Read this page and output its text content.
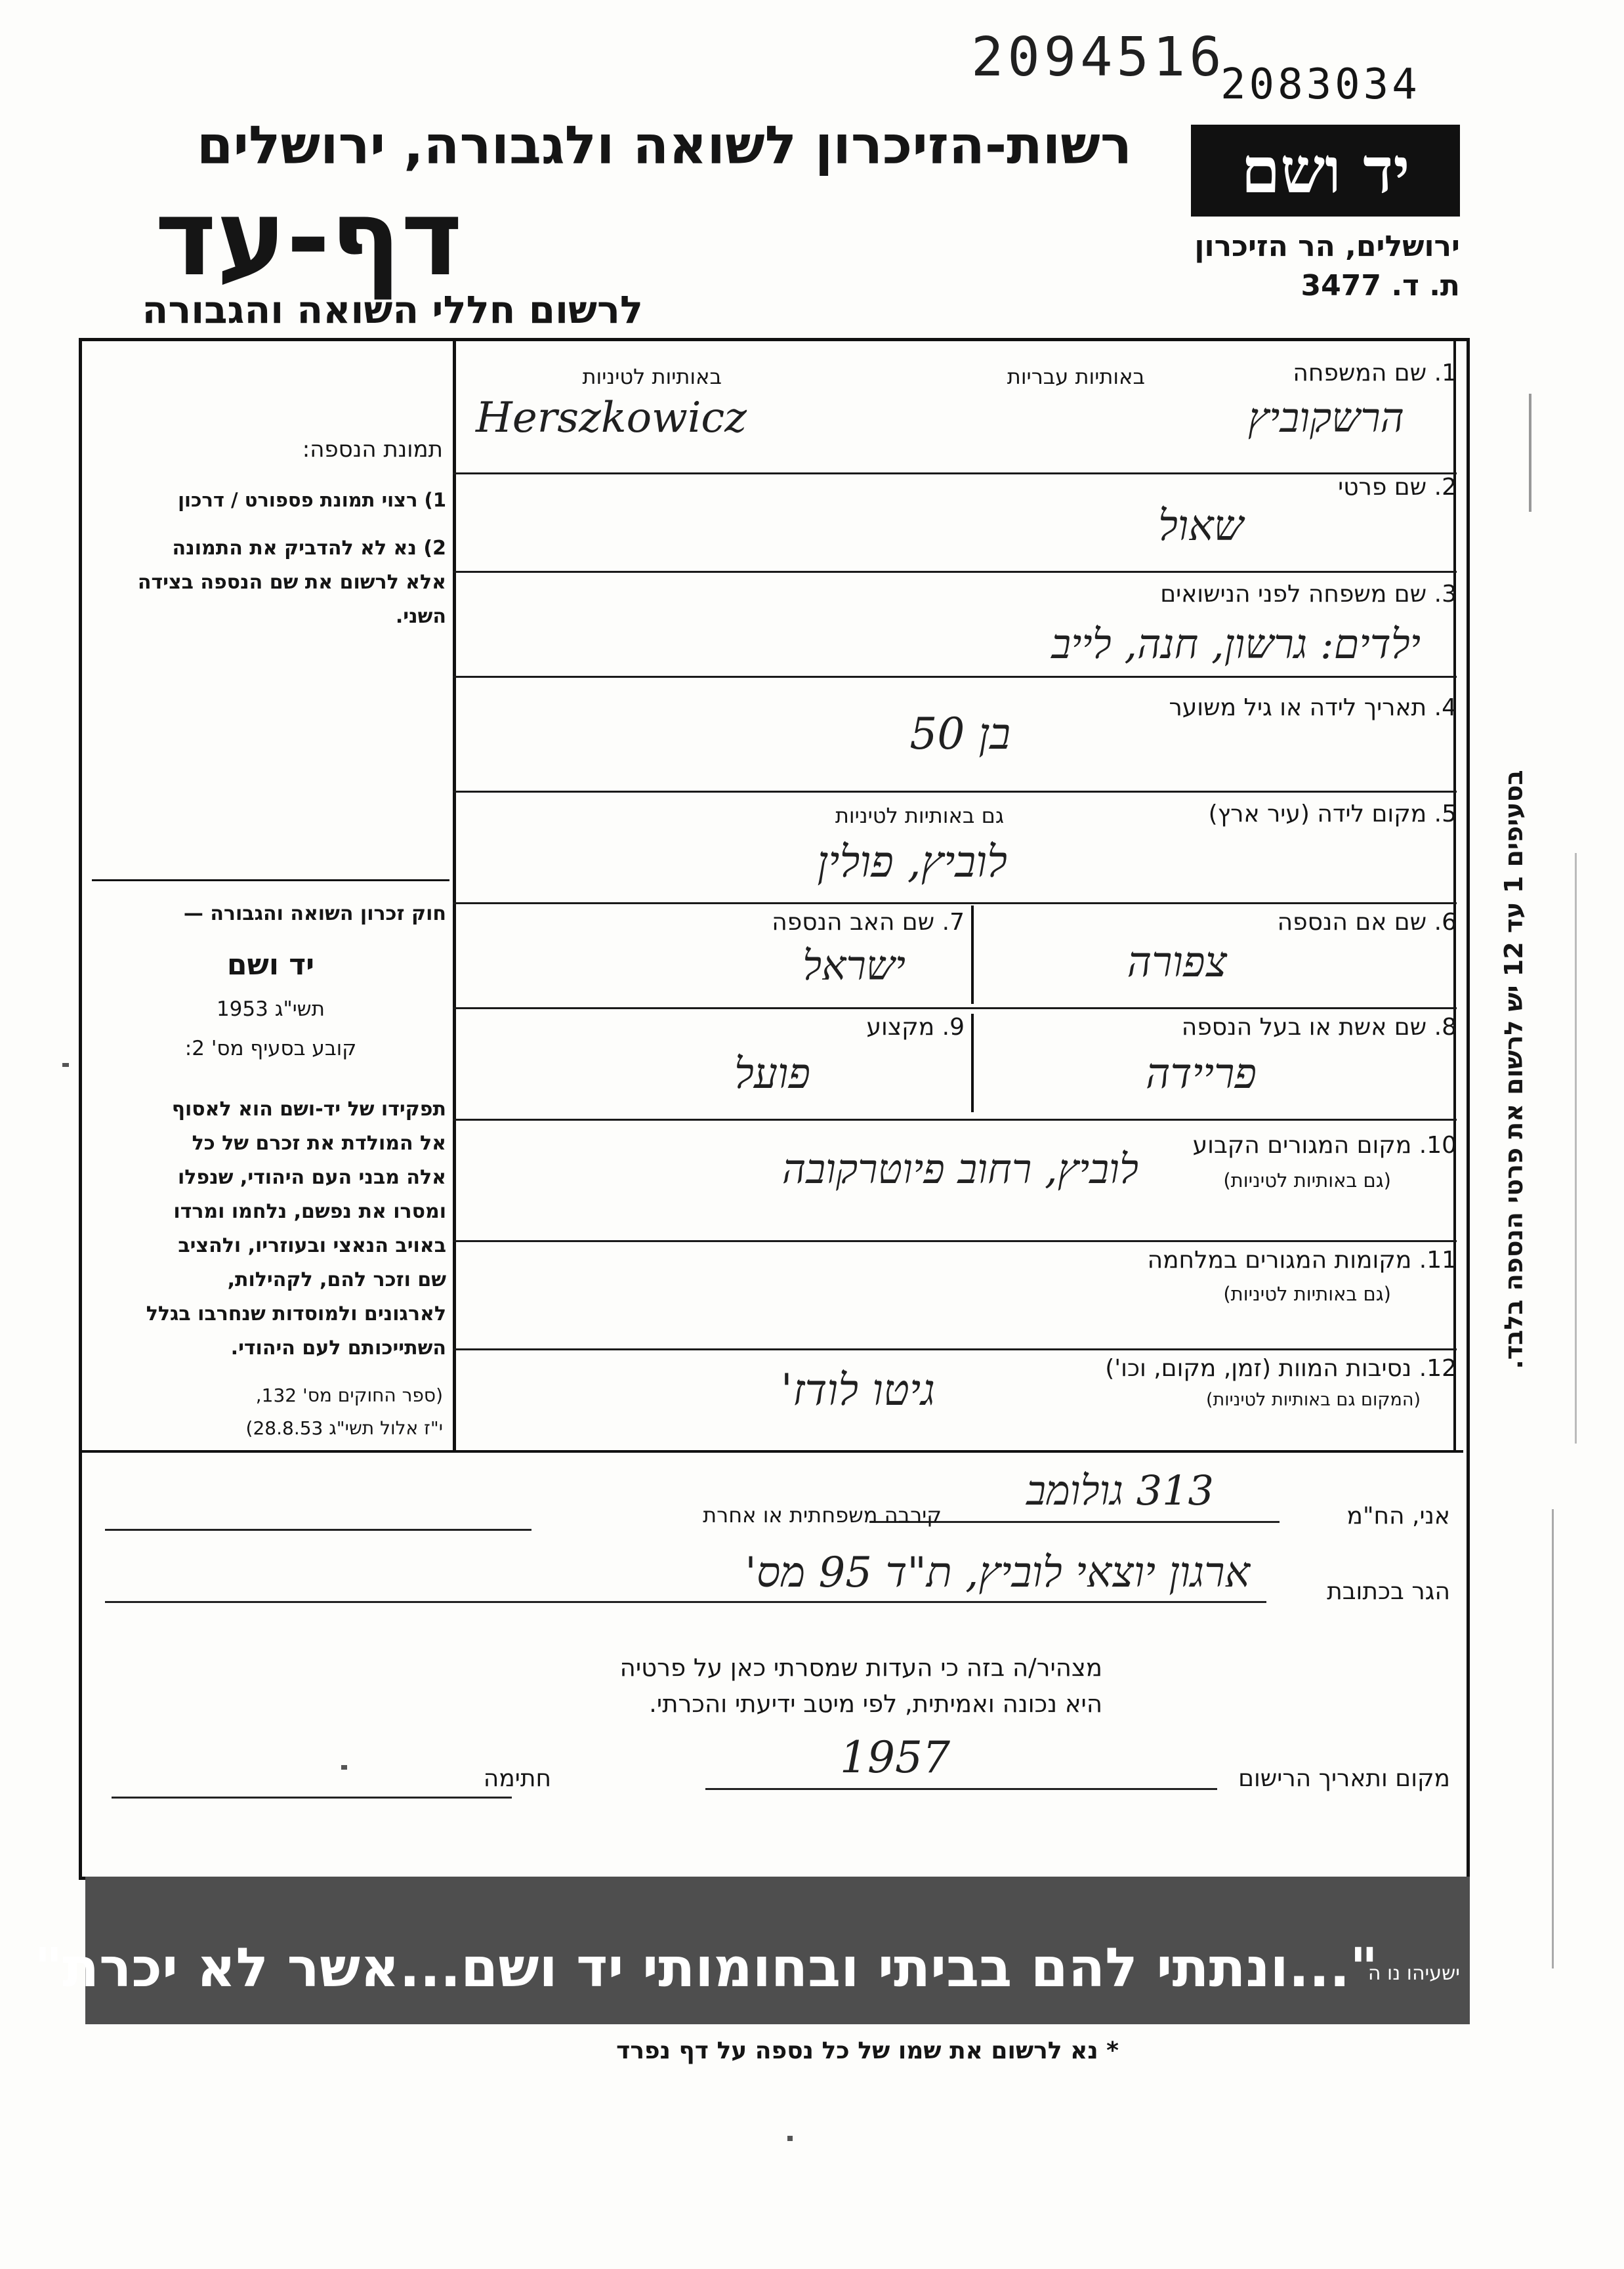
2094516
2083034
רשות-הזיכרון לשואה ולגבורה, ירושלים
דף-עד
לרשום חללי השואה והגבורה
יד ושם
ירושלים, הר הזיכרון
ת. ד. 3477
תמונת הנספה:
1) רצוי תמונת פספורט / דרכון
2) נא לא להדביק את התמונה
אלא לרשום את שם הנספה בצידה
השני.
חוק זכרון השואה והגבורה —
יד ושם
תשי"ג 1953
קובע בסעיף מס' 2:
תפקידו של יד-ושם הוא לאסוף
אל המולדת את זכרם של כל
אלה מבני העם היהודי, שנפלו
ומסרו את נפשם, נלחמו ומרדו
באויב הנאצי ובעוזריו, ולהציב
שם וזכר להם, לקהילות,
לארגונים ולמוסדות שנחרבו בגלל
השתייכותם לעם היהודי.
(ספר החוקים מס' 132,
י"ז אלול תשי"ג 28.8.53)
1. שם המשפחה
באותיות עבריות
באותיות לטיניות
הרשקוביץ
Herszkowicz
2. שם פרטי
שאול
3. שם משפחה לפני הנישואים
ילדים: גרשון, חנה, לייב
4. תאריך לידה או גיל משוער
בן 50
5. מקום לידה (עיר ארץ)
גם באותיות לטיניות
לוביץ, פולין
6. שם אם הנספה
צפורה
7. שם האב הנספה
ישראל
8. שם אשת או בעל הנספה
פריידה
9. מקצוע
פועל
10. מקום המגורים הקבוע
(גם באותיות לטיניות)
לוביץ, רחוב פיוטרקובה
11. מקומות המגורים במלחמה
(גם באותיות לטיניות)
12. נסיבות המוות (זמן, מקום, וכו')
(המקום גם באותיות לטיניות)
גיטו לודז'
אני, הח"מ
313 גולומב
קירבה משפחתית או אחרת
הגר בכתובת
ארגון יוצאי לוביץ, ת"ד 95 מס'
מצהיר/ה בזה כי העדות שמסרתי כאן על פרטיה
היא נכונה ואמיתית, לפי מיטב ידיעתי והכרתי.
מקום ותאריך הרישום
1957
חתימה
"...ונתתי להם בביתי ובחומותי יד ושם...אשר לא יכרת"
ישעיהו נו ה
בסעיפים 1 עד 12 יש לרשום את פרטי הנספה בלבד.
* נא לרשום את שמו של כל נספה על דף נפרד
